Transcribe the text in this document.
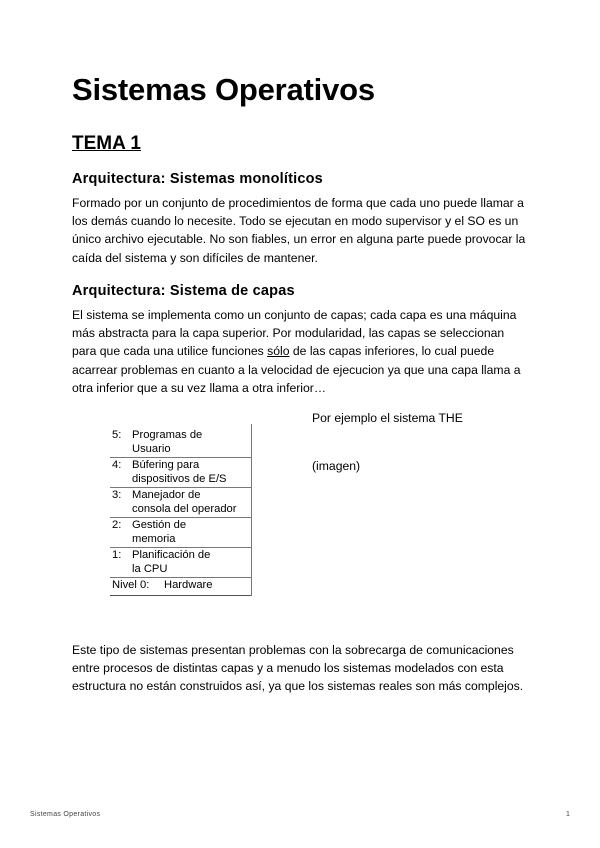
Sistemas Operativos
TEMA 1
Arquitectura: Sistemas monolíticos
Formado por un conjunto de procedimientos de forma que cada uno puede llamar a
los demás cuando lo necesite. Todo se ejecutan en modo supervisor y el SO es un
único archivo ejecutable. No son fiables, un error en alguna parte puede provocar la
caída del sistema y son difíciles de mantener.
Arquitectura: Sistema de capas
El sistema se implementa como un conjunto de capas; cada capa es una máquina
más abstracta para la capa superior. Por modularidad, las capas se seleccionan
para que cada una utilice funciones sólo de las capas inferiores, lo cual puede
acarrear problemas en cuanto a la velocidad de ejecucion ya que una capa llama a
otra inferior que a su vez llama a otra inferior…
Por ejemplo el sistema THE
(imagen)
5: Programas de
Usuario
4: Búfering para
dispositivos de E/S
3: Manejador de
consola del operador
2: Gestión de
memoria
1: Planificación de
la CPU
Nivel 0: Hardware
Este tipo de sistemas presentan problemas con la sobrecarga de comunicaciones
entre procesos de distintas capas y a menudo los sistemas modelados con esta
estructura no están construidos así, ya que los sistemas reales son más complejos.
Sistemas Operativos	1
